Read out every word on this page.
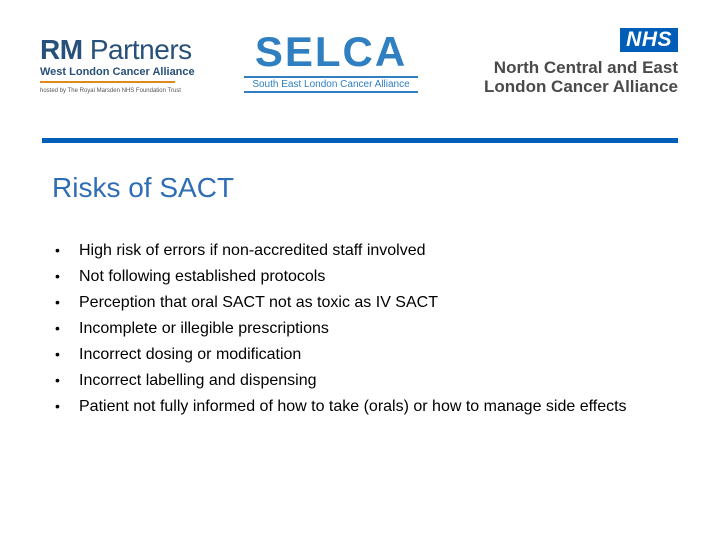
RM Partners
West London Cancer Alliance
hosted by The Royal Marsden NHS Foundation Trust
SELCA
South East London Cancer Alliance
NHS
North Central and East
London Cancer Alliance
Risks of SACT
• High risk of errors if non-accredited staff involved
• Not following established protocols
• Perception that oral SACT not as toxic as IV SACT
• Incomplete or illegible prescriptions
• Incorrect dosing or modification
• Incorrect labelling and dispensing
• Patient not fully informed of how to take (orals) or how to manage side effects
